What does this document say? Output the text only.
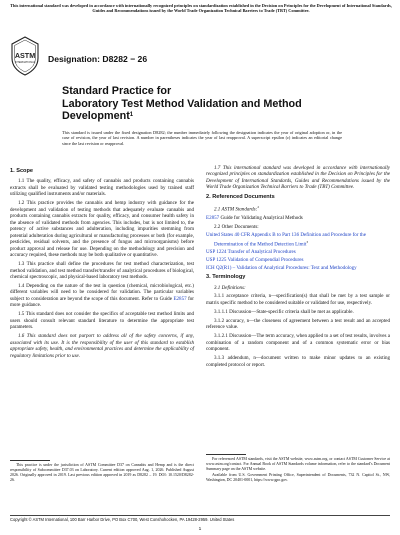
This international standard was developed in accordance with internationally recognized principles on standardization established in the Decision on Principles for the Development of International Standards, Guides and Recommendations issued by the World Trade Organization Technical Barriers to Trade (TBT) Committee.
ASTM
INTERNATIONAL Designation: D8282 − 26
Standard Practice for
Laboratory Test Method Validation and Method
Development$^1$
This standard is issued under the fixed designation D8282; the number immediately following the designation indicates the year of original adoption or, in the case of revision, the year of last revision. A number in parentheses indicates the year of last reapproval. A superscript epsilon (ε) indicates an editorial change since the last revision or reapproval.
1. Scope

1.1 The quality, efficacy, and safety of cannabis and products containing cannabis extracts shall be evaluated by validated testing methodologies used by trained staff utilizing qualified instruments and/or materials.

1.2 This practice provides the cannabis and hemp industry with guidance for the development and validation of testing methods that adequately evaluate cannabis and products containing cannabis extracts for quality, efficacy, and consumer health safety in the absence of validated methods from agencies. This includes, but is not limited to, the potency of active substances and adulteration, including impurities stemming from potential adulteration during agricultural or manufacturing processes or both (for example, pesticides, residual solvents, and the presence of fungus and microorganisms) before product approval and release for use. Depending on the methodology and precision and accuracy required, these methods may be both qualitative or quantitative.

1.3 This practice shall define the procedures for test method characterization, test method validation, and test method transfer/transfer of analytical procedures of biological, chemical spectroscopic, and physical-based laboratory test methods.

1.4 Depending on the nature of the test in question (chemical, microbiological, etc.) different variables will need to be considered for validation. The particular variables subject to consideration are beyond the scope of this document. Refer to Guide E2857 for more guidance.

1.5 This standard does not consider the specifics of acceptable test method limits and users should consult relevant standard literature to determine the appropriate test parameters.

1.6 This standard does not purport to address all of the safety concerns, if any, associated with its use. It is the responsibility of the user of this standard to establish appropriate safety, health, and environmental practices and determine the applicability of regulatory limitations prior to use.

This practice is under the jurisdiction of ASTM Committee D37 on Cannabis and Hemp and is the direct responsibility of Subcommittee D37.03 on Laboratory. Current edition approved Aug. 1, 2026. Published August 2026. Originally approved in 2019. Last previous edition approved in 2019 as D8282 – 19. DOI: 10.1520/D8282-26.

1.7 This international standard was developed in accordance with internationally recognized principles on standardization established in the Decision on Principles for the Development of International Standards, Guides and Recommendations issued by the World Trade Organization Technical Barriers to Trade (TBT) Committee.

2. Referenced Documents
2.1 ASTM Standards:$^2$
E2857 Guide for Validating Analytical Methods
2.2 Other Documents:
United States 40 CFR Appendix B to Part 136 Definition and Procedure for the Determination of the Method Detection Limit$^3$
USP 1224 Transfer of Analytical Procedures
USP 1225 Validation of Compendial Procedures
ICH Q2(R1) – Validation of Analytical Procedures: Text and Methodology
3. Terminology
3.1 Definitions:

3.1.1 acceptance criteria, n—specification(s) that shall be met by a test sample or matrix specific method to be considered suitable or validated for use, respectively.

3.1.1.1 Discussion—State-specific criteria shall be met as applicable.

3.1.2 accuracy, n—the closeness of agreement between a test result and an accepted reference value.

3.1.2.1 Discussion—The term accuracy, when applied to a set of test results, involves a combination of a random component and of a common systematic error or bias component.

3.1.3 addendum, n—document written to make minor updates to an existing completed protocol or report.

For referenced ASTM standards, visit the ASTM website, www.astm.org, or contact ASTM Customer Service at www.astm.org/contact. For Annual Book of ASTM Standards volume information, refer to the standard's Document Summary page on the ASTM website.

Available from U.S. Government Printing Office, Superintendent of Documents, 732 N. Capitol St., NW, Washington, DC 20401-0001, https://www.gpo.gov.

Copyright © ASTM International, 100 Barr Harbor Drive, PO Box C700, West Conshohocken, PA 19428-2959. United States
1
